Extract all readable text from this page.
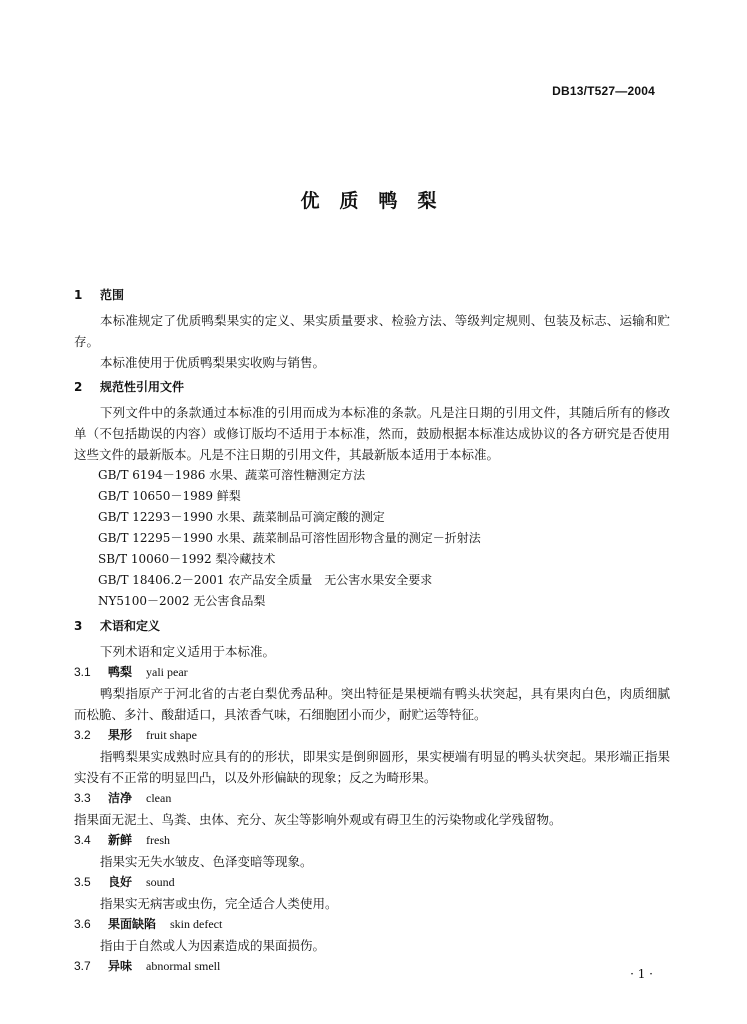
DB13/T527—2004
优质鸭梨
1	范围

本标准规定了优质鸭梨果实的定义、果实质量要求、检验方法、等级判定规则、包装及标志、运输和贮存。

本标准使用于优质鸭梨果实收购与销售。

2	规范性引用文件

下列文件中的条款通过本标准的引用而成为本标准的条款。凡是注日期的引用文件，其随后所有的修改单（不包括勘误的内容）或修订版均不适用于本标准，然而，鼓励根据本标准达成协议的各方研究是否使用这些文件的最新版本。凡是不注日期的引用文件，其最新版本适用于本标准。

GB/T 6194－1986 水果、蔬菜可溶性糖测定方法

GB/T 10650－1989 鲜梨

GB/T 12293－1990 水果、蔬菜制品可滴定酸的测定

GB/T 12295－1990 水果、蔬菜制品可溶性固形物含量的测定－折射法

SB/T 10060－1992 梨冷藏技术

GB/T 18406.2－2001 农产品安全质量　无公害水果安全要求

NY5100－2002 无公害食品梨

3	术语和定义

下列术语和定义适用于本标准。

3.1	鸭梨 yali pear

鸭梨指原产于河北省的古老白梨优秀品种。突出特征是果梗端有鸭头状突起，具有果肉白色，肉质细腻而松脆、多汁、酸甜适口，具浓香气味，石细胞团小而少，耐贮运等特征。

3.2	果形 fruit shape

指鸭梨果实成熟时应具有的的形状，即果实是倒卵圆形，果实梗端有明显的鸭头状突起。果形端正指果实没有不正常的明显凹凸，以及外形偏缺的现象；反之为畸形果。

3.3	洁净 clean

指果面无泥土、鸟粪、虫体、充分、灰尘等影响外观或有碍卫生的污染物或化学残留物。

3.4	新鲜 fresh

指果实无失水皱皮、色泽变暗等现象。

3.5	良好 sound

指果实无病害或虫伤，完全适合人类使用。

3.6	果面缺陷 skin defect

指由于自然或人为因素造成的果面损伤。

3.7	异味 abnormal smell
· 1 ·
